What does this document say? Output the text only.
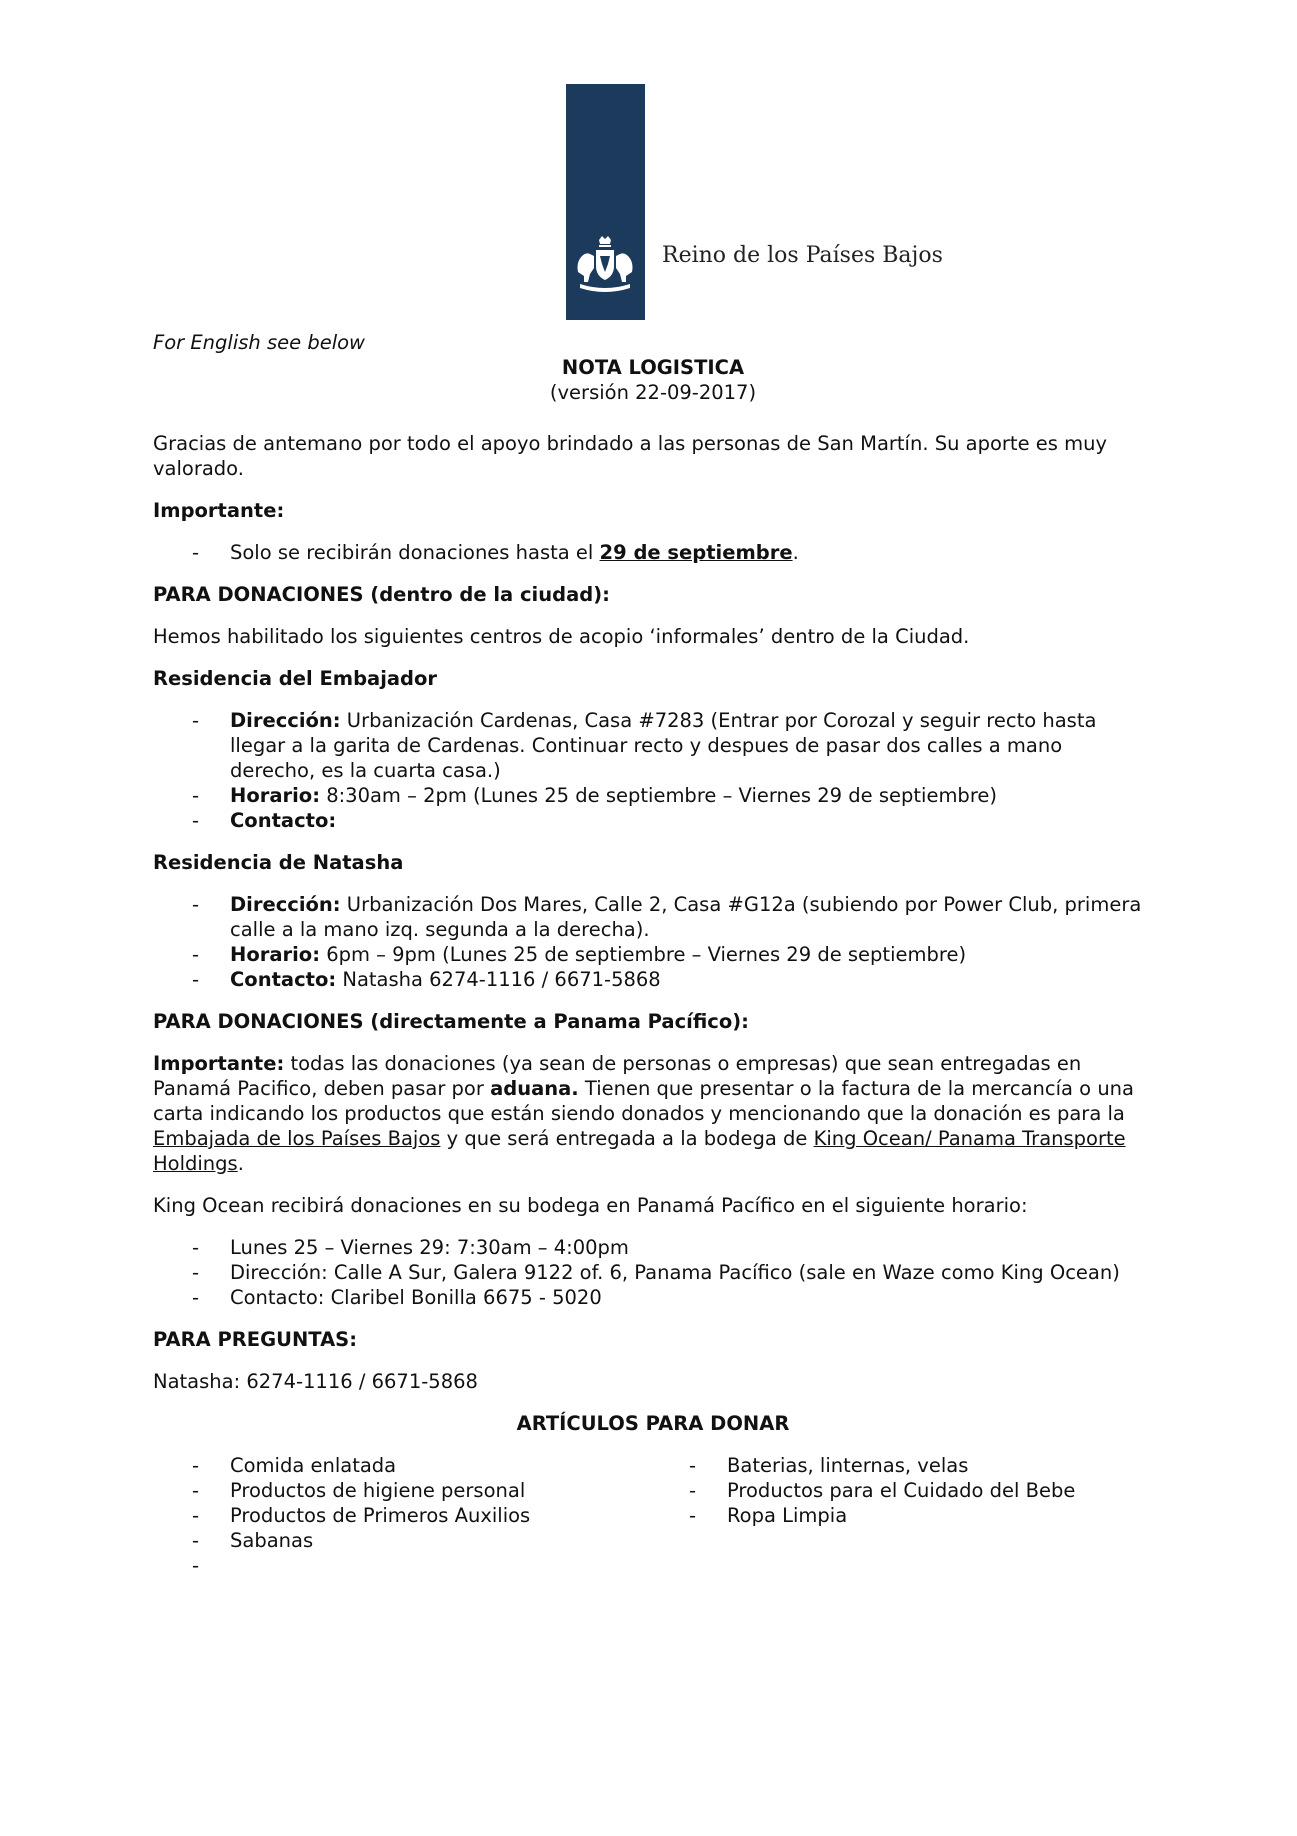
Reino de los Países Bajos

For English see below

NOTA LOGISTICA

(versión 22-09-2017)

Gracias de antemano por todo el apoyo brindado a las personas de San Martín. Su aporte es muy valorado.

Importante:

- Solo se recibirán donaciones hasta el 29 de septiembre.

PARA DONACIONES (dentro de la ciudad):

Hemos habilitado los siguientes centros de acopio ‘informales’ dentro de la Ciudad.

Residencia del Embajador

- Dirección: Urbanización Cardenas, Casa #7283 (Entrar por Corozal y seguir recto hasta llegar a la garita de Cardenas. Continuar recto y despues de pasar dos calles a mano derecho, es la cuarta casa.)
- Horario: 8:30am – 2pm (Lunes 25 de septiembre – Viernes 29 de septiembre)
- Contacto:

Residencia de Natasha

- Dirección: Urbanización Dos Mares, Calle 2, Casa #G12a (subiendo por Power Club, primera calle a la mano izq. segunda a la derecha).
- Horario: 6pm – 9pm (Lunes 25 de septiembre – Viernes 29 de septiembre)
- Contacto: Natasha 6274-1116 / 6671-5868

PARA DONACIONES (directamente a Panama Pacífico):

Importante: todas las donaciones (ya sean de personas o empresas) que sean entregadas en Panamá Pacifico, deben pasar por aduana. Tienen que presentar o la factura de la mercancía o una carta indicando los productos que están siendo donados y mencionando que la donación es para la Embajada de los Países Bajos y que será entregada a la bodega de King Ocean/ Panama Transporte Holdings.

King Ocean recibirá donaciones en su bodega en Panamá Pacífico en el siguiente horario:

- Lunes 25 – Viernes 29: 7:30am – 4:00pm
- Dirección: Calle A Sur, Galera 9122 of. 6, Panama Pacífico (sale en Waze como King Ocean)
- Contacto: Claribel Bonilla 6675 - 5020

PARA PREGUNTAS:

Natasha: 6274-1116 / 6671-5868

ARTÍCULOS PARA DONAR

- Comida enlatada
- Productos de higiene personal
- Productos de Primeros Auxilios
- Sabanas
-
- Baterias, linternas, velas
- Productos para el Cuidado del Bebe
- Ropa Limpia
